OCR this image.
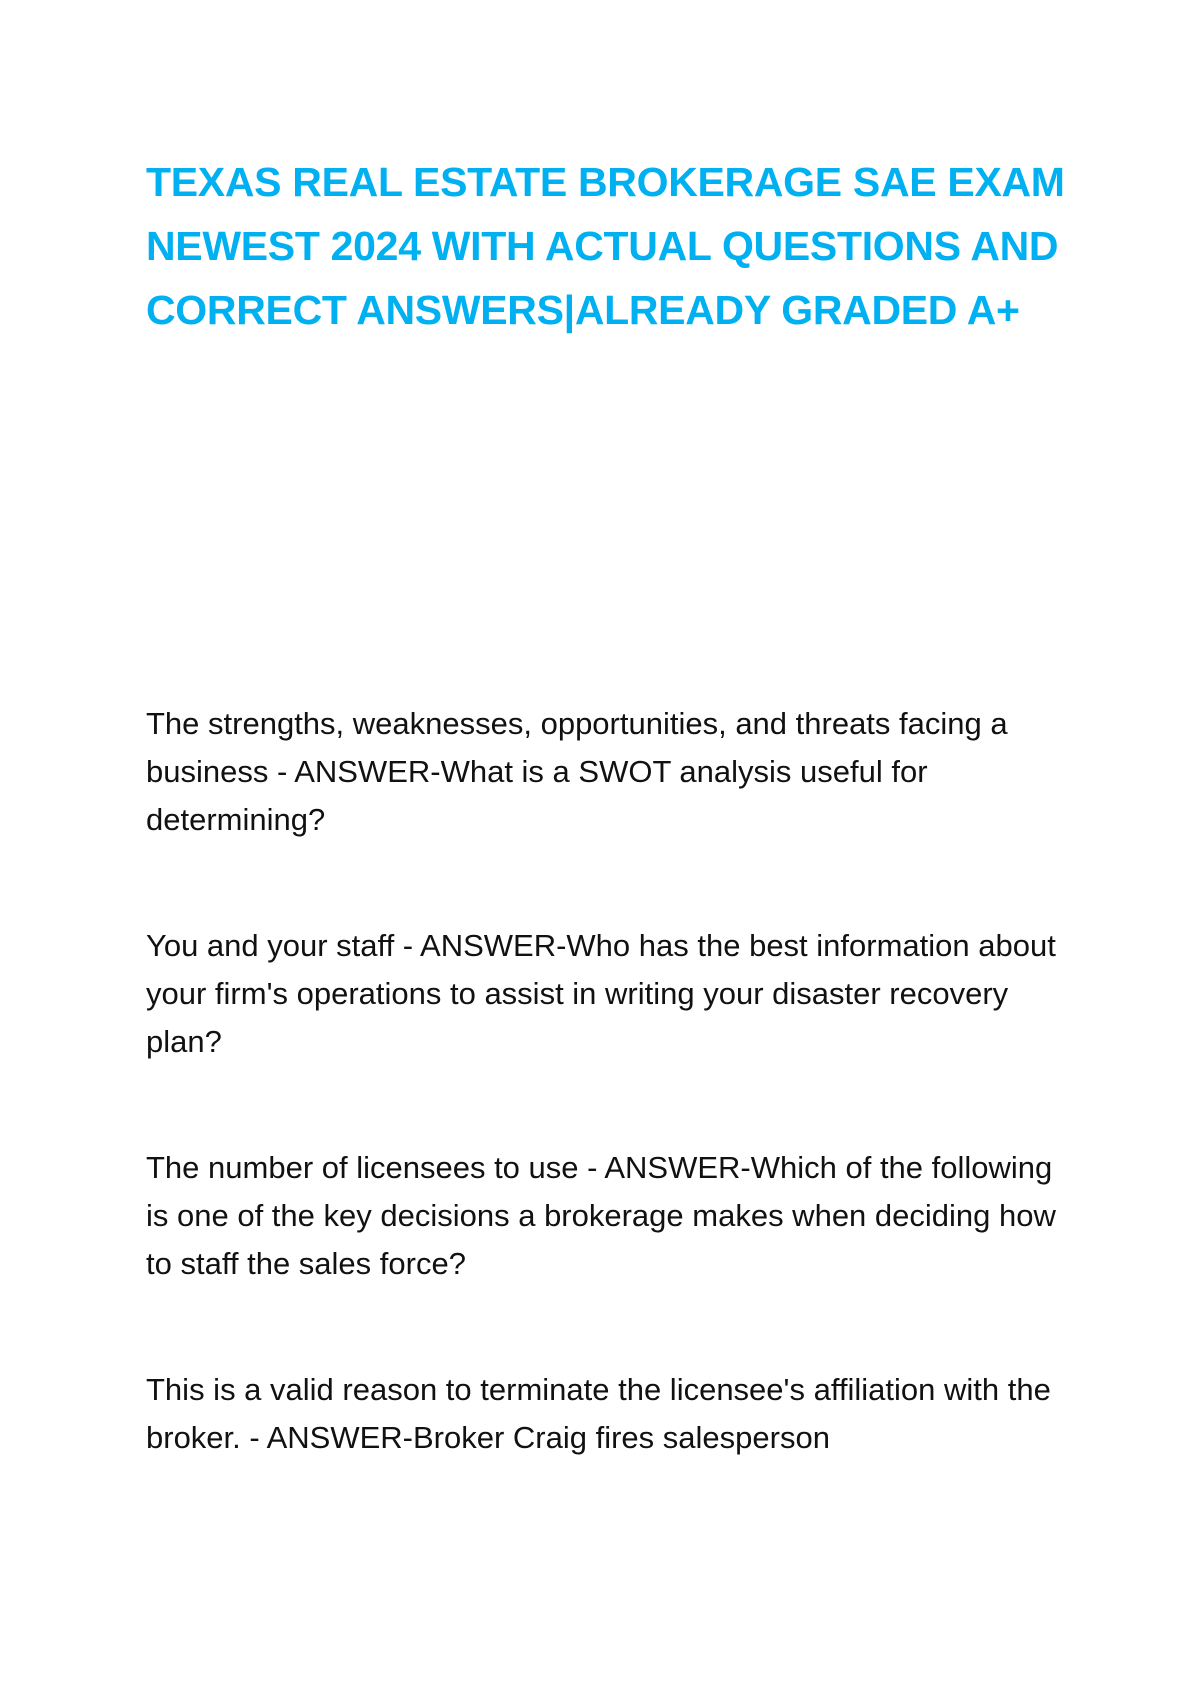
TEXAS REAL ESTATE BROKERAGE SAE EXAM NEWEST 2024 WITH ACTUAL QUESTIONS AND CORRECT ANSWERS|ALREADY GRADED A+
The strengths, weaknesses, opportunities, and threats facing a business - ANSWER-What is a SWOT analysis useful for determining?
You and your staff - ANSWER-Who has the best information about your firm's operations to assist in writing your disaster recovery plan?
The number of licensees to use - ANSWER-Which of the following is one of the key decisions a brokerage makes when deciding how to staff the sales force?
This is a valid reason to terminate the licensee's affiliation with the broker. - ANSWER-Broker Craig fires salesperson
